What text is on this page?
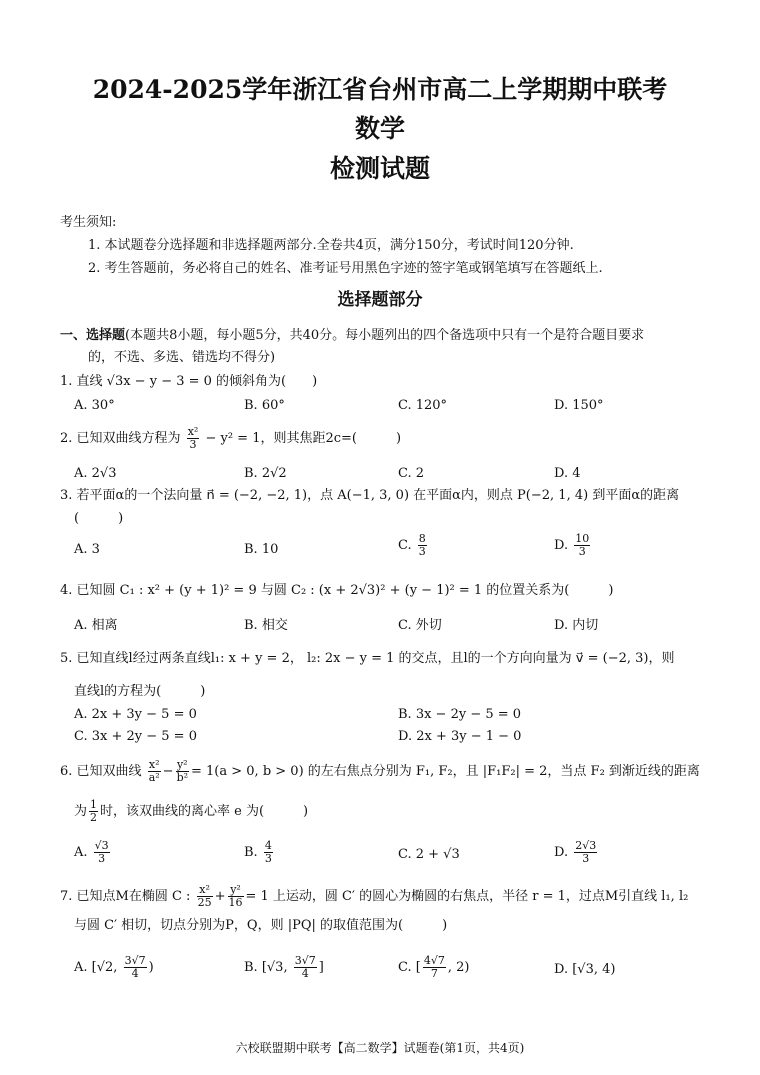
2024-2025学年浙江省台州市高二上学期期中联考
数学
检测试题
考生须知:
1. 本试题卷分选择题和非选择题两部分.全卷共4页，满分150分，考试时间120分钟.
2. 考生答题前，务必将自己的姓名、准考证号用黑色字迹的签字笔或钢笔填写在答题纸上.
选择题部分
一、选择题(本题共8小题，每小题5分，共40分。每小题列出的四个备选项中只有一个是符合题目要求
的，不选、多选、错选均不得分)
1. 直线 √3x − y − 3 = 0 的倾斜角为(　　)
A. 30°	B. 60°	C. 120°	D. 150°
2. 已知双曲线方程为 $\frac{\text{x²}}{3} - y^2 = 1$，则其焦距2c=(　　　)
A. 2√3	B. 2√2	C. 2	D. 4
3. 若平面α的一个法向量 n⃗ = (−2, −2, 1)，点 A(−1, 3, 0) 在平面α内，则点 P(−2, 1, 4) 到平面α的距离
(　　　)
A. 3	B. 10	C. $\frac{8}{3}$	D. $\frac{10}{3}$
4. 已知圆 C₁ : x² + (y + 1)² = 9 与圆 C₂ : (x + 2√3)² + (y − 1)² = 1 的位置关系为(　　　)
A. 相离	B. 相交	C. 外切	D. 内切
5. 已知直线l经过两条直线l₁: x + y = 2， l₂: 2x − y = 1 的交点，且l的一个方向向量为 v⃗ = (−2, 3)，则
直线l的方程为(　　　)
A. 2x + 3y − 5 = 0	B. 3x − 2y − 5 = 0
C. 3x + 2y − 5 = 0	D. 2x + 3y − 1 − 0
6. 已知双曲线 $\frac{\text{x²}}{\text{a²}} - \frac{\text{y²}}{\text{b²}} = 1(a > 0$, b > 0) 的左右焦点分别为 F₁, F₂，且 |F₁F₂| = 2，当点 F₂ 到渐近线的距离
为 $\frac{1}{2}$ 时，该双曲线的离心率 e 为(　　　)
A. $\frac{√3}{3}$	B. $\frac{4}{3}$	C. 2 + √3	D. $\frac{2√3}{3}$
7. 已知点M在椭圆 C : $\frac{\text{x²}}{25} + \frac{\text{y²}}{16} = 1$ 上运动，圆 C′ 的圆心为椭圆的右焦点，半径 r = 1，过点M引直线 l₁, l₂
与圆 C′ 相切，切点分别为P，Q，则 |PQ| 的取值范围为(　　　)
A. [√2, $\frac{3√7}{4}$ )	B. [√3, $\frac{3√7}{4}$ ]	C. [ $\frac{4√7}{7}$ , 2)	D. [√3, 4)
六校联盟期中联考【高二数学】试题卷(第1页，共4页)
